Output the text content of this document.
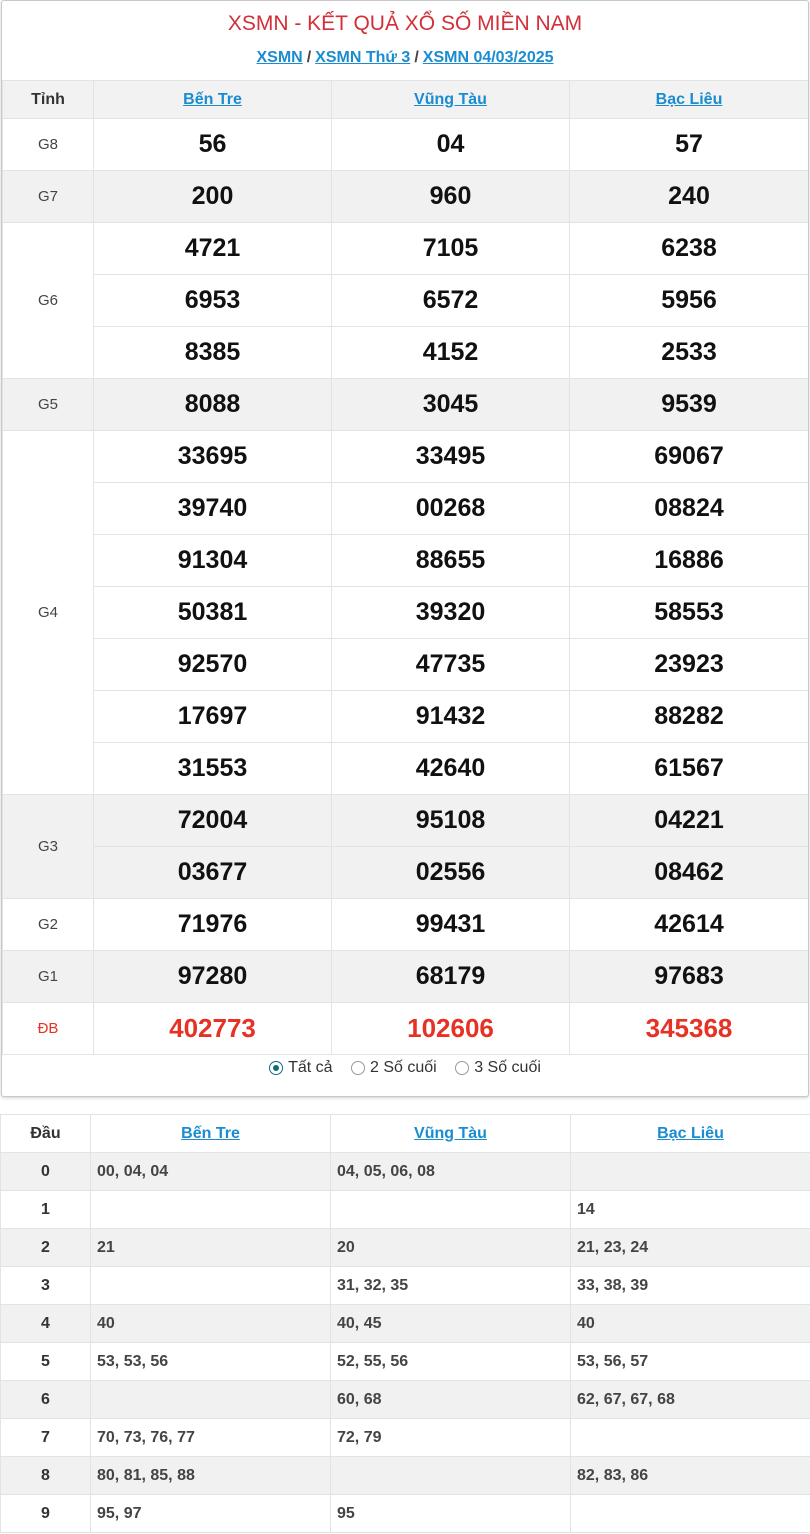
XSMN - KẾT QUẢ XỔ SỐ MIỀN NAM
XSMN / XSMN Thứ 3 / XSMN 04/03/2025
Tỉnh	Bến Tre	Vũng Tàu	Bạc Liêu
G8	56	04	57
G7	200	960	240
G6	4721	7105	6238
	6953	6572	5956
	8385	4152	2533
G5	8088	3045	9539
G4	33695	33495	69067
	39740	00268	08824
	91304	88655	16886
	50381	39320	58553
	92570	47735	23923
	17697	91432	88282
	31553	42640	61567
G3	72004	95108	04221
	03677	02556	08462
G2	71976	99431	42614
G1	97280	68179	97683
ĐB	402773	102606	345368
Tất cả 2 Số cuối 3 Số cuối
Đầu	Bến Tre	Vũng Tàu	Bạc Liêu
0	00, 04, 04	04, 05, 06, 08	
1			14
2	21	20	21, 23, 24
3		31, 32, 35	33, 38, 39
4	40	40, 45	40
5	53, 53, 56	52, 55, 56	53, 56, 57
6		60, 68	62, 67, 67, 68
7	70, 73, 76, 77	72, 79	
8	80, 81, 85, 88		82, 83, 86
9	95, 97	95	
